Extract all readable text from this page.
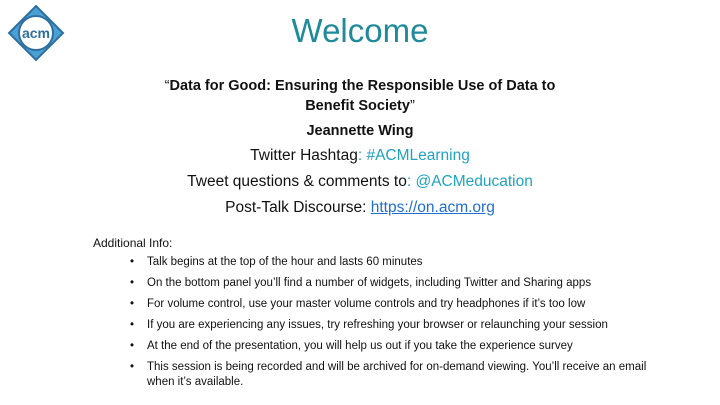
acm	Welcome
“Data for Good: Ensuring the Responsible Use of Data to
Benefit Society”
Jeannette Wing
Twitter Hashtag: #ACMLearning
Tweet questions & comments to: @ACMeducation
Post-Talk Discourse: https://on.acm.org
Additional Info:
• Talk begins at the top of the hour and lasts 60 minutes
• On the bottom panel you’ll find a number of widgets, including Twitter and Sharing apps
• For volume control, use your master volume controls and try headphones if it’s too low
• If you are experiencing any issues, try refreshing your browser or relaunching your session
• At the end of the presentation, you will help us out if you take the experience survey
• This session is being recorded and will be archived for on-demand viewing. You’ll receive an email when it’s available.
